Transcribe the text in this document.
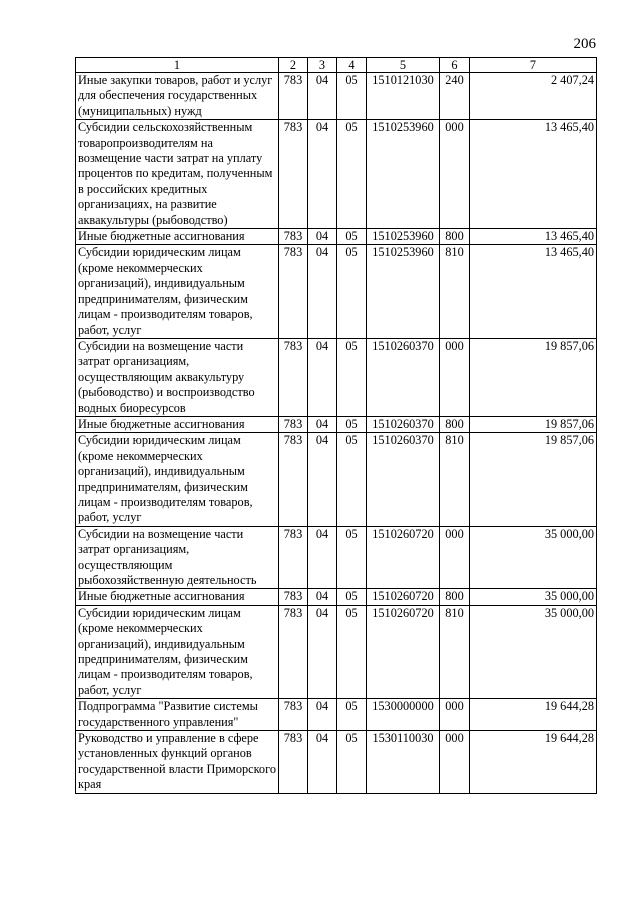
206
1	2	3	4	5	6	7
Иные закупки товаров, работ и услуг для обеспечения государственных (муниципальных) нужд	783	04	05	1510121030	240	2 407,24
Субсидии сельскохозяйственным товаропроизводителям на возмещение части затрат на уплату процентов по кредитам, полученным в российских кредитных организациях, на развитие аквакультуры (рыбоводство)	783	04	05	1510253960	000	13 465,40
Иные бюджетные ассигнования	783	04	05	1510253960	800	13 465,40
Субсидии юридическим лицам (кроме некоммерческих организаций), индивидуальным предпринимателям, физическим лицам - производителям товаров, работ, услуг	783	04	05	1510253960	810	13 465,40
Субсидии на возмещение части затрат организациям, осуществляющим аквакультуру (рыбоводство) и воспроизводство водных биоресурсов	783	04	05	1510260370	000	19 857,06
Иные бюджетные ассигнования	783	04	05	1510260370	800	19 857,06
Субсидии юридическим лицам (кроме некоммерческих организаций), индивидуальным предпринимателям, физическим лицам - производителям товаров, работ, услуг	783	04	05	1510260370	810	19 857,06
Субсидии на возмещение части затрат организациям, осуществляющим рыбохозяйственную деятельность	783	04	05	1510260720	000	35 000,00
Иные бюджетные ассигнования	783	04	05	1510260720	800	35 000,00
Субсидии юридическим лицам (кроме некоммерческих организаций), индивидуальным предпринимателям, физическим лицам - производителям товаров, работ, услуг	783	04	05	1510260720	810	35 000,00
Подпрограмма "Развитие системы государственного управления"	783	04	05	1530000000	000	19 644,28
Руководство и управление в сфере установленных функций органов государственной власти Приморского края	783	04	05	1530110030	000	19 644,28
